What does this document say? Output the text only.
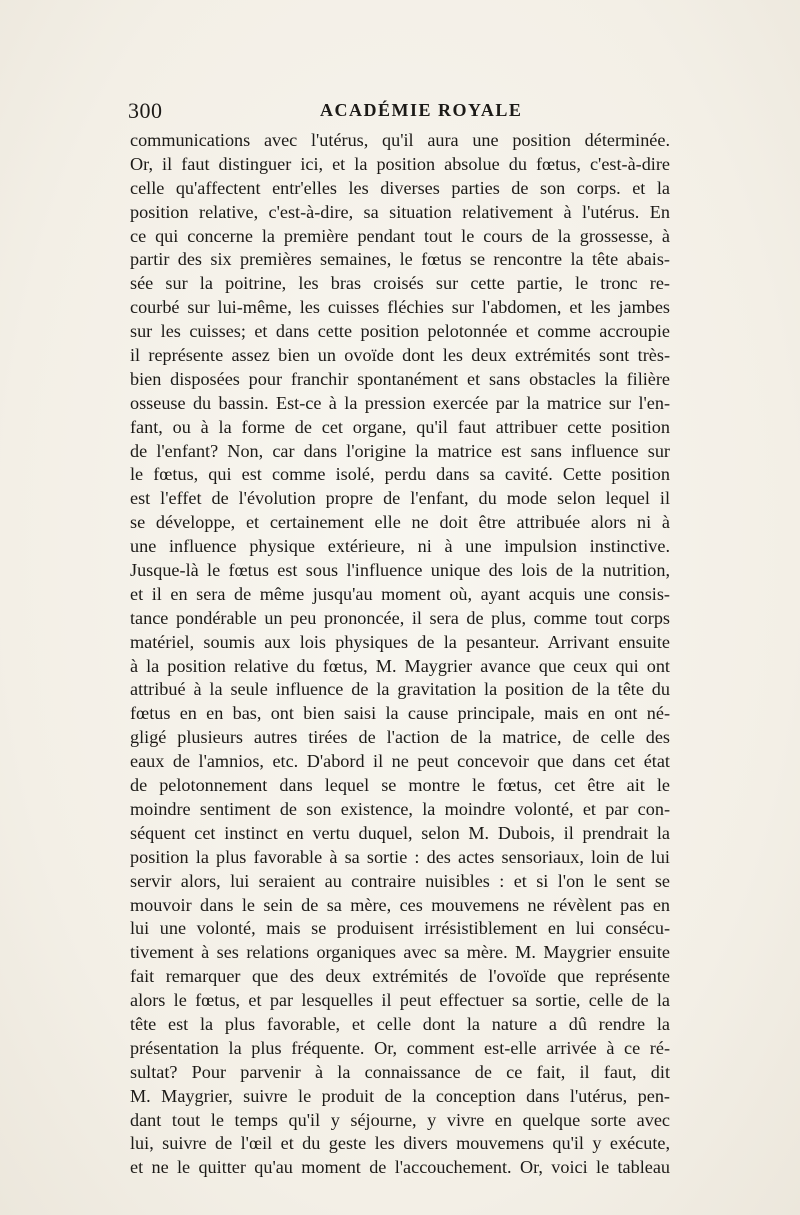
300	ACADÉMIE ROYALE
communications avec l'utérus, qu'il aura une position déterminée.
Or, il faut distinguer ici, et la position absolue du fœtus, c'est-à-dire
celle qu'affectent entr'elles les diverses parties de son corps. et la
position relative, c'est-à-dire, sa situation relativement à l'utérus. En
ce qui concerne la première pendant tout le cours de la grossesse, à
partir des six premières semaines, le fœtus se rencontre la tête abais-
sée sur la poitrine, les bras croisés sur cette partie, le tronc re-
courbé sur lui-même, les cuisses fléchies sur l'abdomen, et les jambes
sur les cuisses; et dans cette position pelotonnée et comme accroupie
il représente assez bien un ovoïde dont les deux extrémités sont très-
bien disposées pour franchir spontanément et sans obstacles la filière
osseuse du bassin. Est-ce à la pression exercée par la matrice sur l'en-
fant, ou à la forme de cet organe, qu'il faut attribuer cette position
de l'enfant? Non, car dans l'origine la matrice est sans influence sur
le fœtus, qui est comme isolé, perdu dans sa cavité. Cette position
est l'effet de l'évolution propre de l'enfant, du mode selon lequel il
se développe, et certainement elle ne doit être attribuée alors ni à
une influence physique extérieure, ni à une impulsion instinctive.
Jusque-là le fœtus est sous l'influence unique des lois de la nutrition,
et il en sera de même jusqu'au moment où, ayant acquis une consis-
tance pondérable un peu prononcée, il sera de plus, comme tout corps
matériel, soumis aux lois physiques de la pesanteur. Arrivant ensuite
à la position relative du fœtus, M. Maygrier avance que ceux qui ont
attribué à la seule influence de la gravitation la position de la tête du
fœtus en en bas, ont bien saisi la cause principale, mais en ont né-
gligé plusieurs autres tirées de l'action de la matrice, de celle des
eaux de l'amnios, etc. D'abord il ne peut concevoir que dans cet état
de pelotonnement dans lequel se montre le fœtus, cet être ait le
moindre sentiment de son existence, la moindre volonté, et par con-
séquent cet instinct en vertu duquel, selon M. Dubois, il prendrait la
position la plus favorable à sa sortie : des actes sensoriaux, loin de lui
servir alors, lui seraient au contraire nuisibles : et si l'on le sent se
mouvoir dans le sein de sa mère, ces mouvemens ne révèlent pas en
lui une volonté, mais se produisent irrésistiblement en lui consécu-
tivement à ses relations organiques avec sa mère. M. Maygrier ensuite
fait remarquer que des deux extrémités de l'ovoïde que représente
alors le fœtus, et par lesquelles il peut effectuer sa sortie, celle de la
tête est la plus favorable, et celle dont la nature a dû rendre la
présentation la plus fréquente. Or, comment est-elle arrivée à ce ré-
sultat? Pour parvenir à la connaissance de ce fait, il faut, dit
M. Maygrier, suivre le produit de la conception dans l'utérus, pen-
dant tout le temps qu'il y séjourne, y vivre en quelque sorte avec
lui, suivre de l'œil et du geste les divers mouvemens qu'il y exécute,
et ne le quitter qu'au moment de l'accouchement. Or, voici le tableau
